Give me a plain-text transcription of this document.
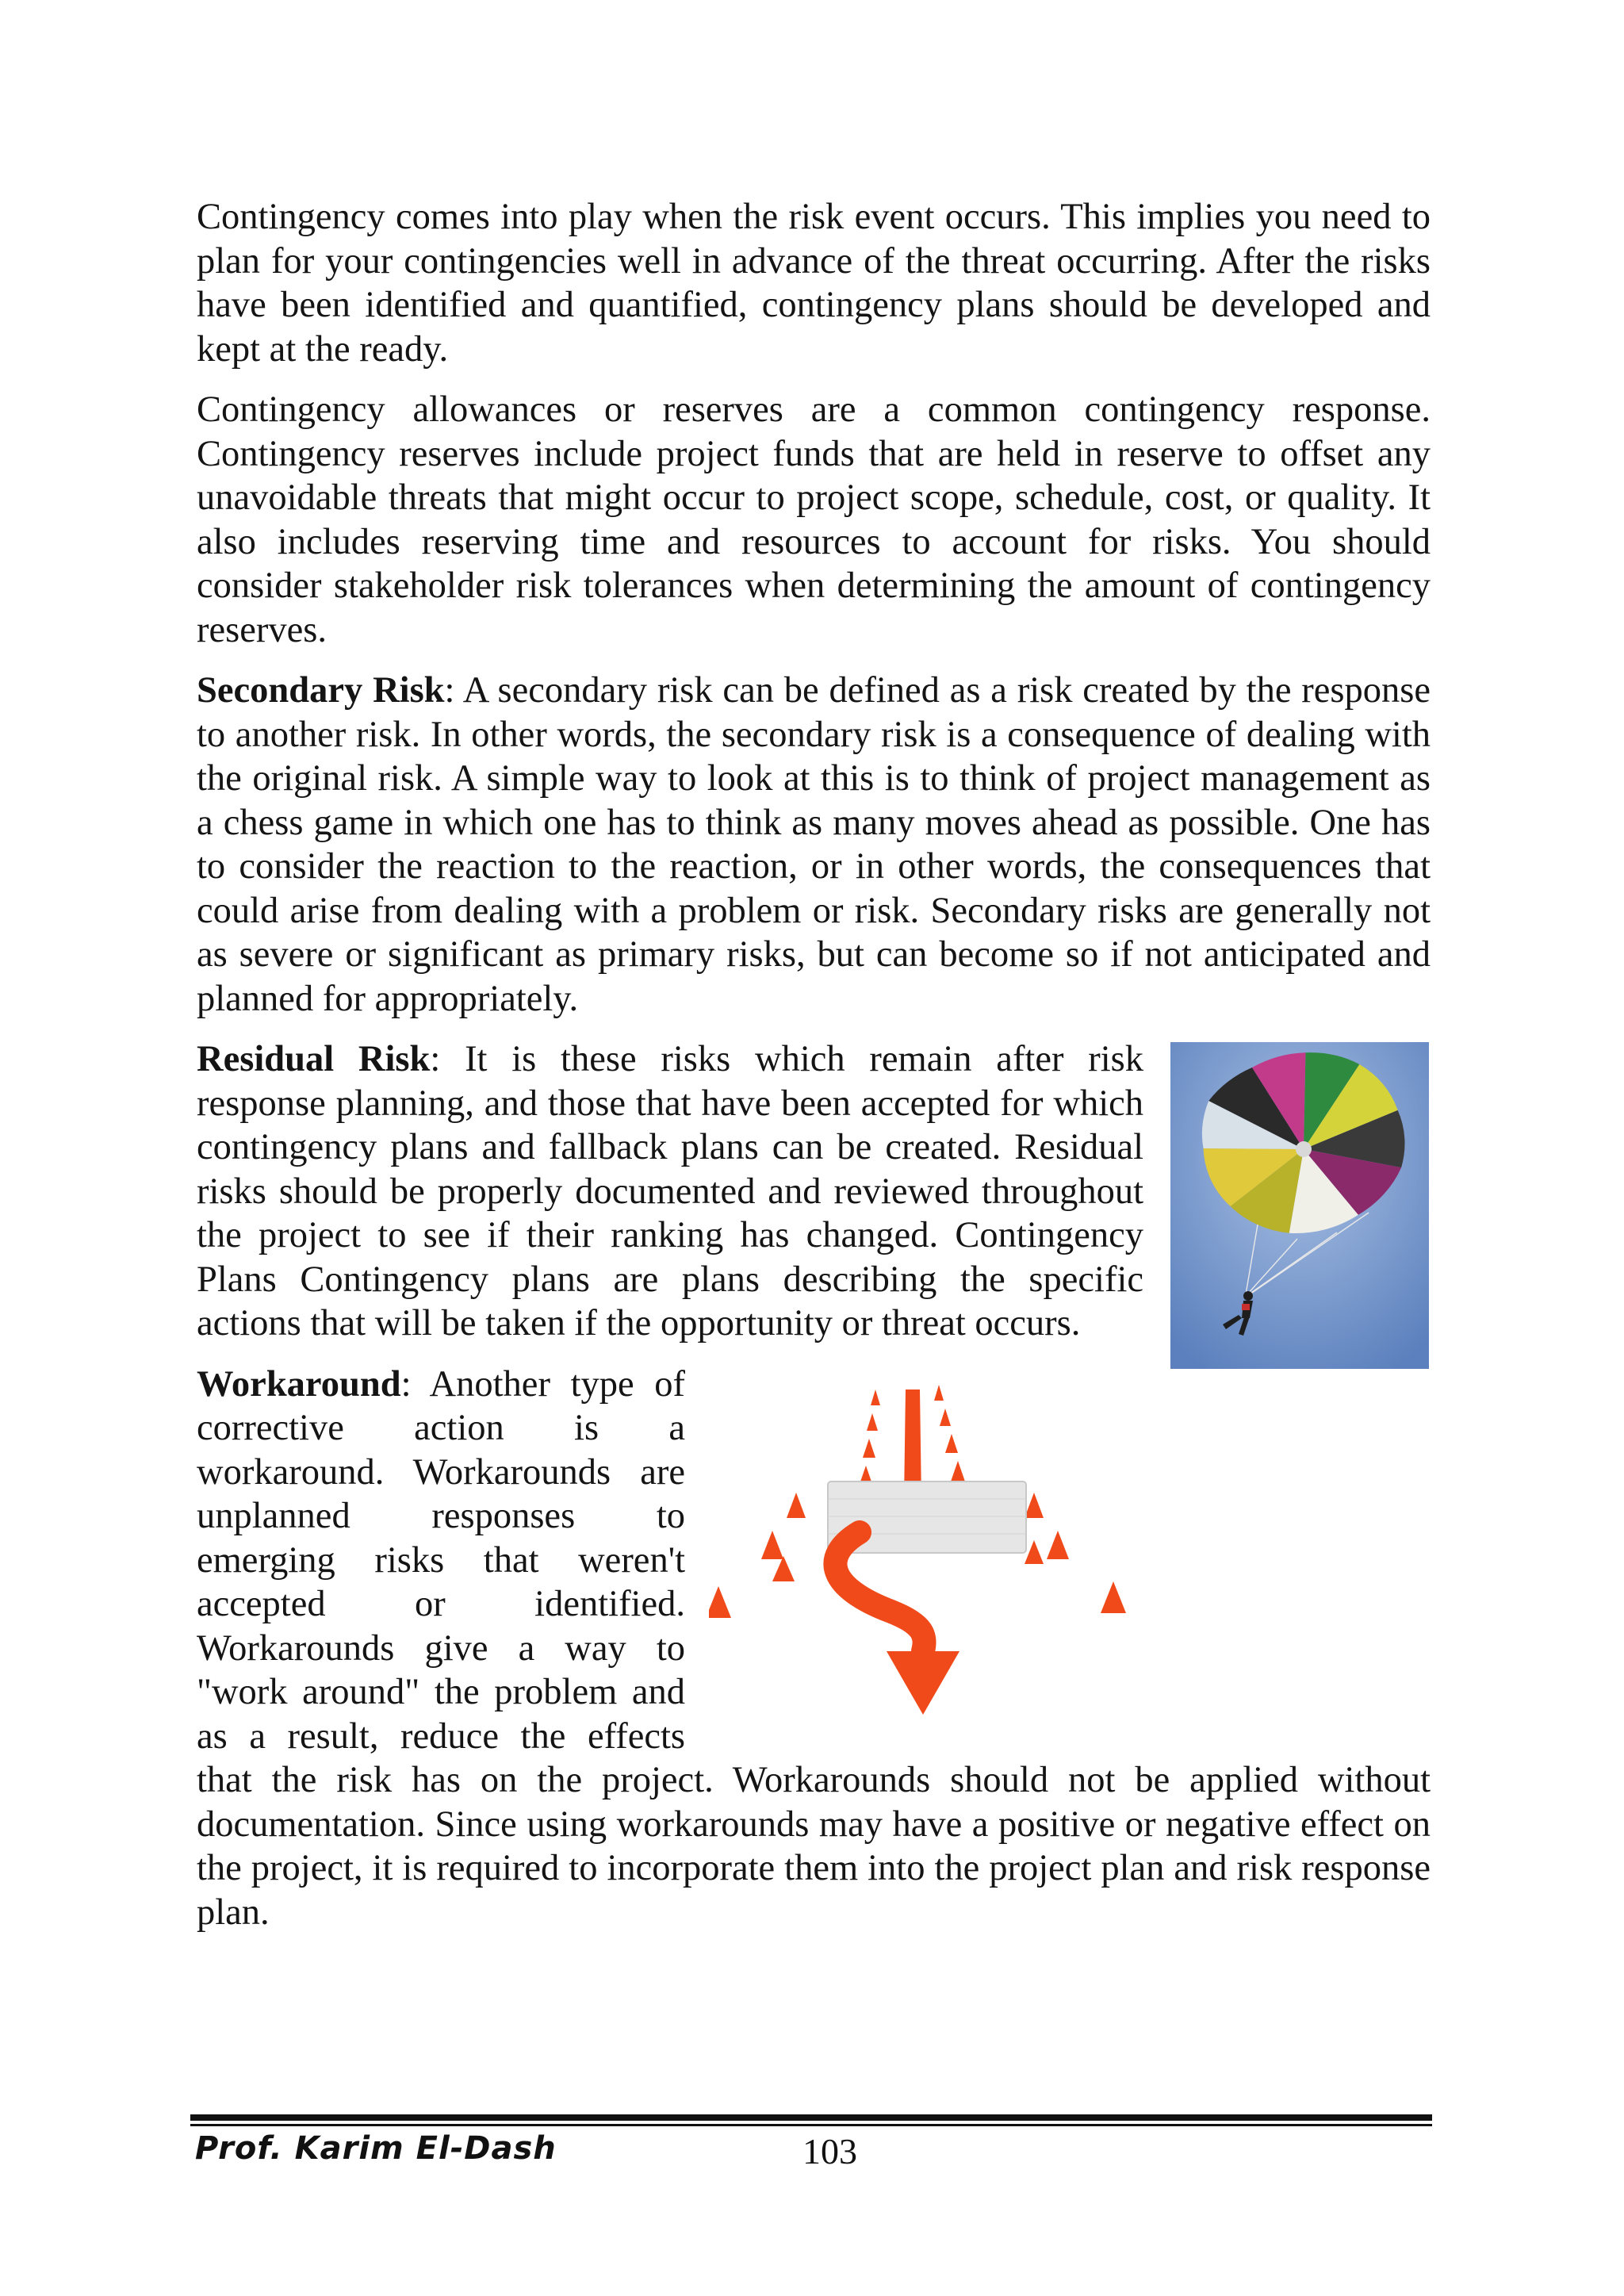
Contingency comes into play when the risk event occurs. This implies you need to plan for your contingencies well in advance of the threat occurring. After the risks have been identified and quantified, contingency plans should be developed and kept at the ready.

Contingency allowances or reserves are a common contingency response. Contingency reserves include project funds that are held in reserve to offset any unavoidable threats that might occur to project scope, schedule, cost, or quality. It also includes reserving time and resources to account for risks. You should consider stakeholder risk tolerances when determining the amount of contingency reserves.

Secondary Risk: A secondary risk can be defined as a risk created by the response to another risk. In other words, the secondary risk is a consequence of dealing with the original risk. A simple way to look at this is to think of project management as a chess game in which one has to think as many moves ahead as possible. One has to consider the reaction to the reaction, or in other words, the consequences that could arise from dealing with a problem or risk. Secondary risks are generally not as severe or significant as primary risks, but can become so if not anticipated and planned for appropriately.

Residual Risk: It is these risks which remain after risk response planning, and those that have been accepted for which contingency plans and fallback plans can be created. Residual risks should be properly documented and reviewed throughout the project to see if their ranking has changed. Contingency Plans Contingency plans are plans describing the specific actions that will be taken if the opportunity or threat occurs.

Workaround: Another type of corrective action is a workaround. Workarounds are unplanned responses to emerging risks that weren't accepted or identified. Workarounds give a way to "work around" the problem and as a result, reduce the effects that the risk has on the project. Workarounds should not be applied without documentation. Since using workarounds may have a positive or negative effect on the project, it is required to incorporate them into the project plan and risk response plan.

Prof. Karim El-Dash	103
